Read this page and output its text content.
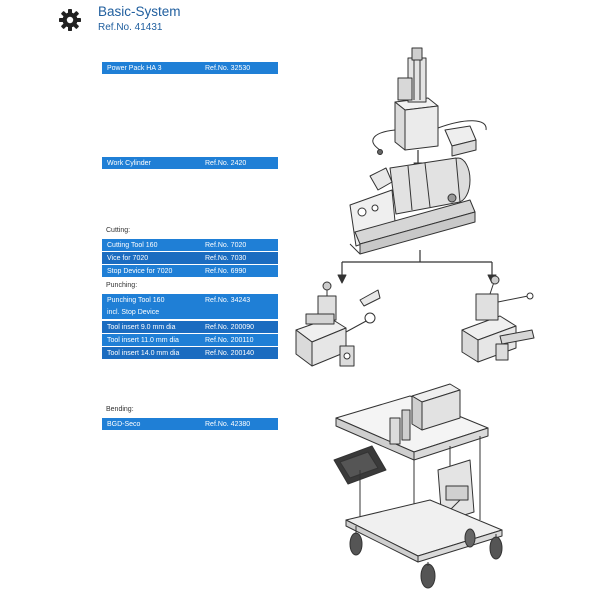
Basic-System
Ref.No. 41431
Power Pack HA 3	Ref.No. 32530
Work Cylinder	Ref.No. 2420
Cutting:
Cutting Tool 160	Ref.No. 7020
Vice for 7020	Ref.No. 7030
Stop Device for 7020	Ref.No. 6990
Punching:
Punching Tool 160	Ref.No. 34243
incl. Stop Device
Tool insert 9.0 mm dia	Ref.No. 200090
Tool insert 11.0 mm dia	Ref.No. 200110
Tool insert 14.0 mm dia	Ref.No. 200140
Bending:
BGD-Seco	Ref.No. 42380
